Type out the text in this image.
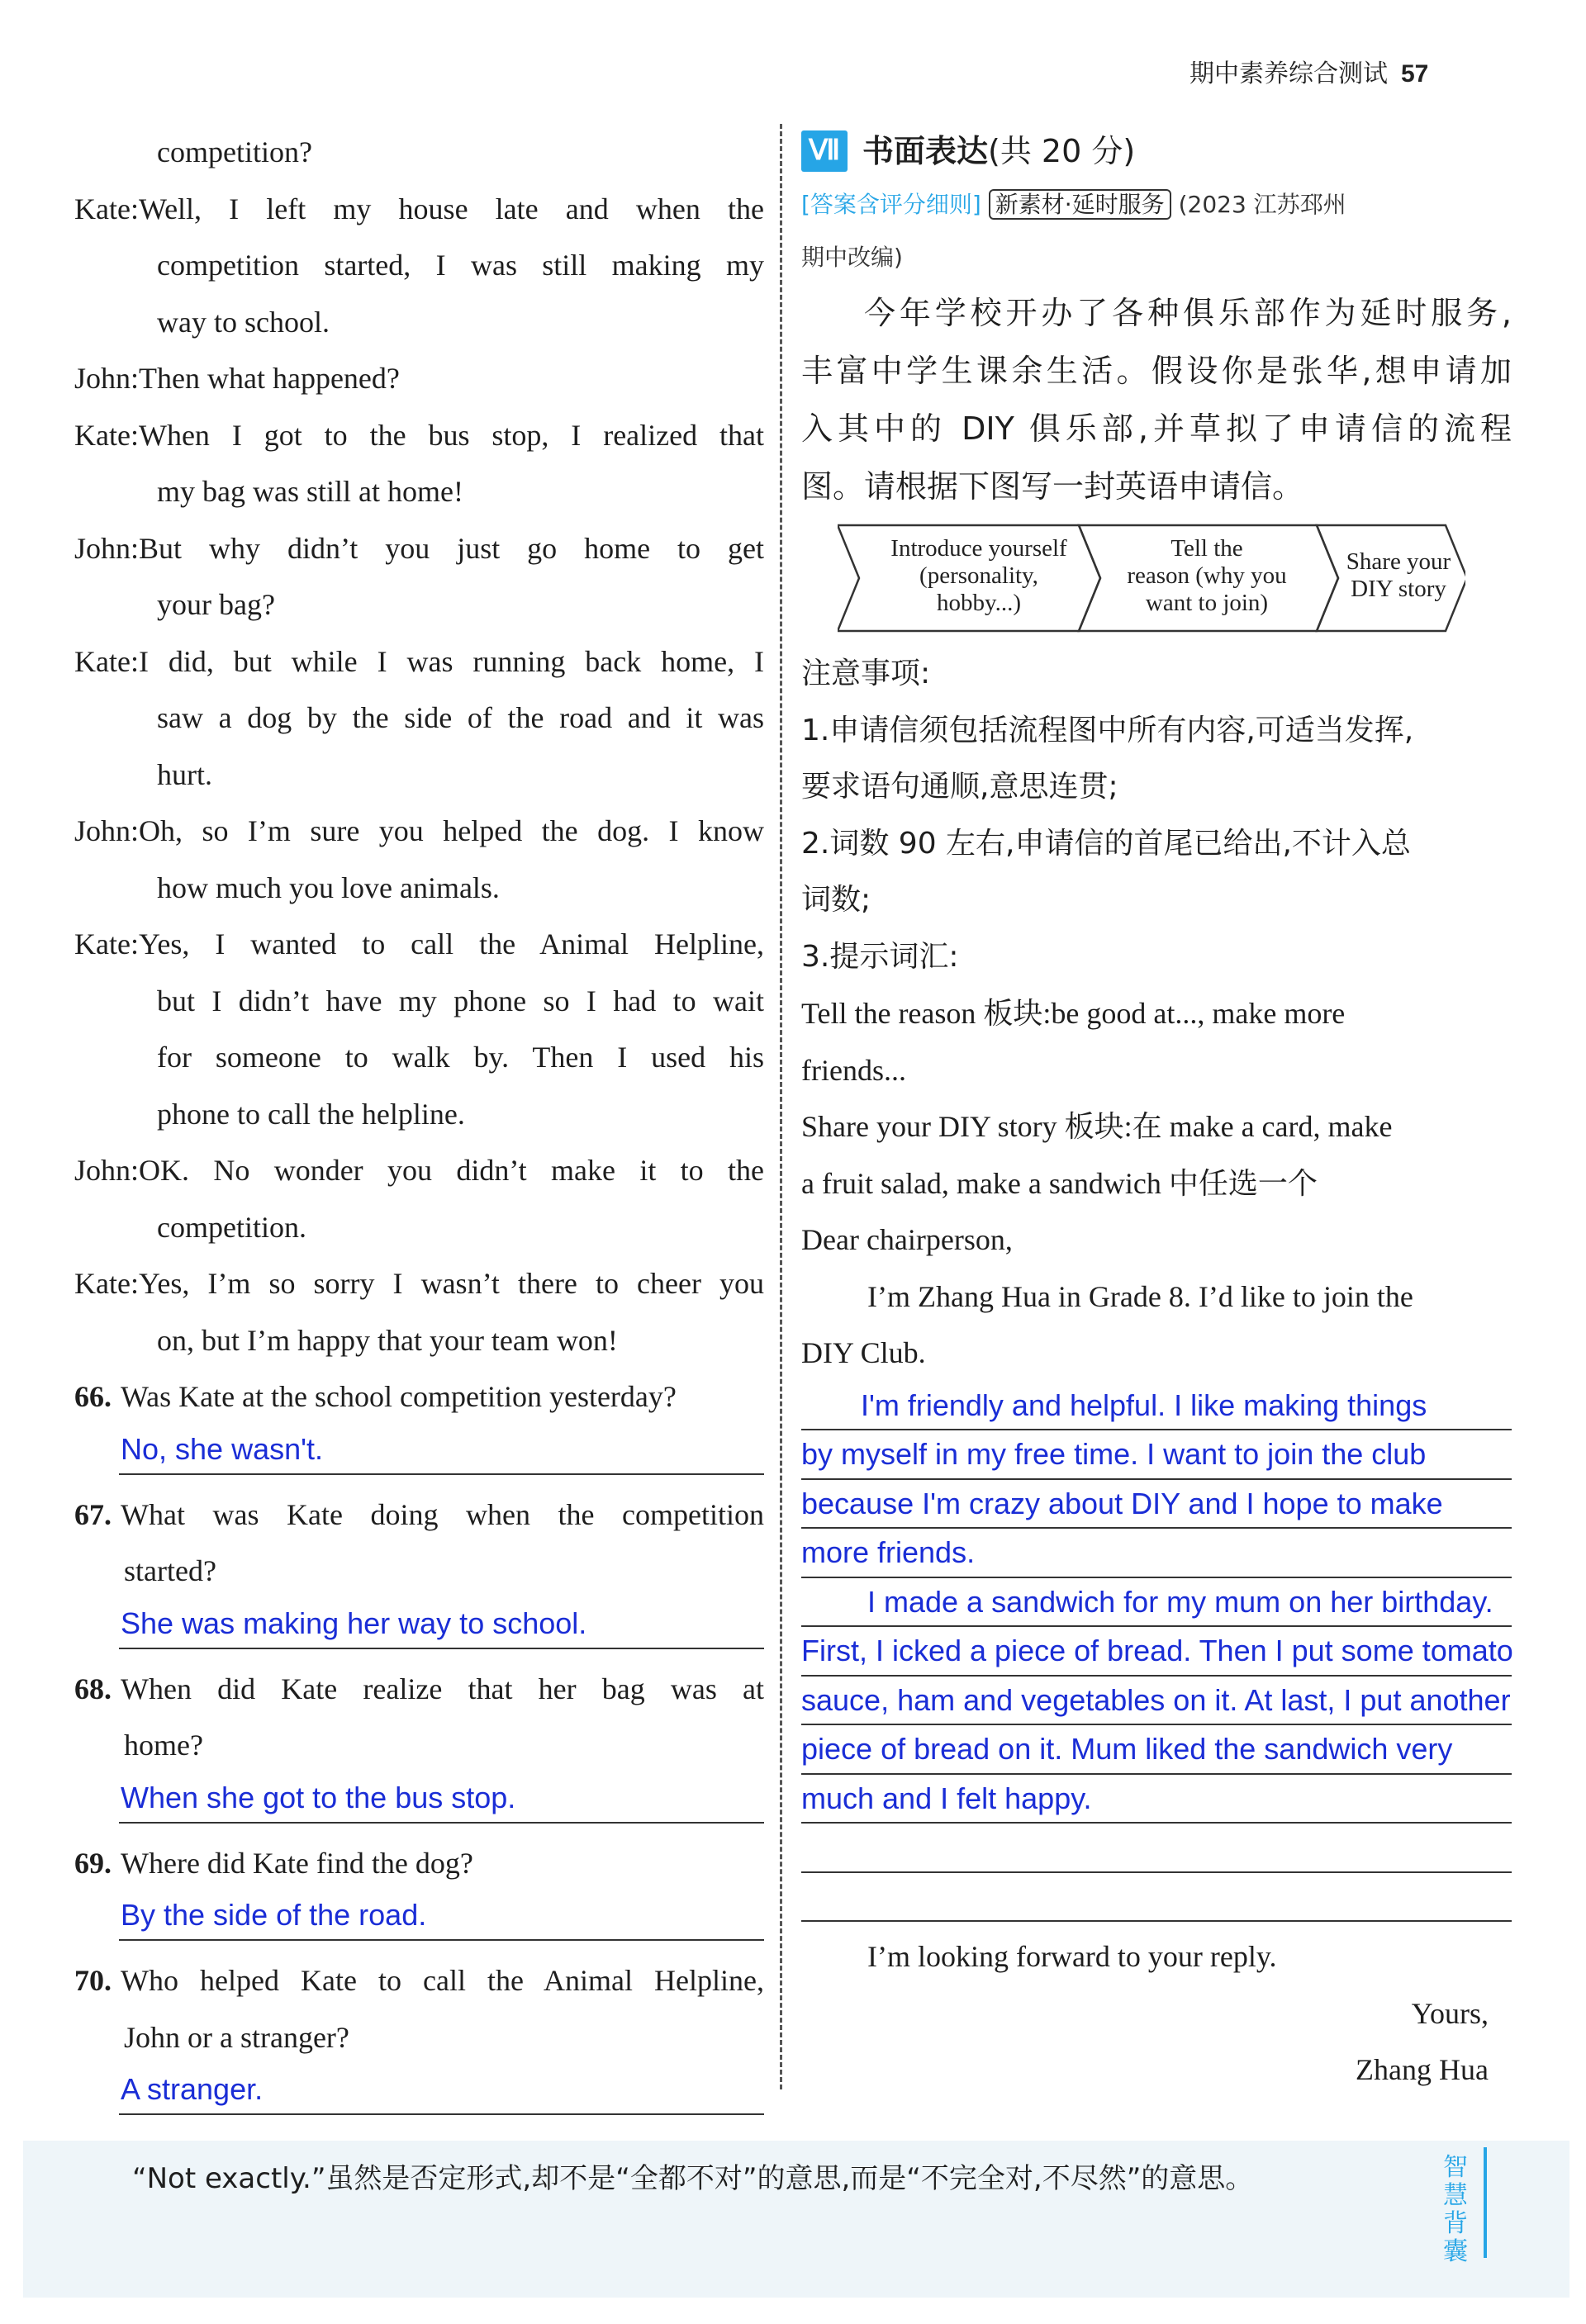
期中素养综合测试 57
competition?
Kate: Well, I left my house late and when the
competition started, I was still making my
way to school.
John: Then what happened?
Kate: When I got to the bus stop, I realized that
my bag was still at home!
John: But why didn’t you just go home to get
your bag?
Kate: I did, but while I was running back home, I
saw a dog by the side of the road and it was
hurt.
John: Oh, so I’m sure you helped the dog. I know
how much you love animals.
Kate: Yes, I wanted to call the Animal Helpline,
but I didn’t have my phone so I had to wait
for someone to walk by. Then I used his
phone to call the helpline.
John: OK. No wonder you didn’t make it to the
competition.
Kate: Yes, I’m so sorry I wasn’t there to cheer you
on, but I’m happy that your team won!
66. Was Kate at the school competition yesterday?
No, she wasn't.
67. What was Kate doing when the competition
started?
She was making her way to school.
68. When did Kate realize that her bag was at
home?
When she got to the bus stop.
69. Where did Kate find the dog?
By the side of the road.
70. Who helped Kate to call the Animal Helpline,
John or a stranger?
A stranger.
Ⅶ 书面表达 (共 20 分)
[答案含评分细则] 新素材·延时服务 (2023 江苏邳州
期中改编)
今年学校开办了各种俱乐部作为延时服务,
丰富中学生课余生活。假设你是张华,想申请加
入其中的 DIY 俱乐部,并草拟了申请信的流程
图。请根据下图写一封英语申请信。
Introduce yourself
(personality,
hobby...)
Tell the
reason (why you
want to join)
Share your
DIY story
注意事项:
1.申请信须包括流程图中所有内容,可适当发挥,
要求语句通顺,意思连贯;
2.词数 90 左右,申请信的首尾已给出,不计入总
词数;
3.提示词汇:
Tell the reason 板块:be good at..., make more
friends...
Share your DIY story 板块:在 make a card, make
a fruit salad, make a sandwich 中任选一个
Dear chairperson,
I’m Zhang Hua in Grade 8. I’d like to join the
DIY Club.
I'm friendly and helpful. I like making things
by myself in my free time. I want to join the club
because I'm crazy about DIY and I hope to make
more friends.
I made a sandwich for my mum on her birthday.
First, I icked a piece of bread. Then I put some tomato
sauce, ham and vegetables on it. At last, I put another
piece of bread on it. Mum liked the sandwich very
much and I felt happy.
I’m looking forward to your reply.
Yours,
Zhang Hua
“Not exactly.”虽然是否定形式,却不是“全都不对”的意思,而是“不完全对,不尽然”的意思。	智慧背囊
